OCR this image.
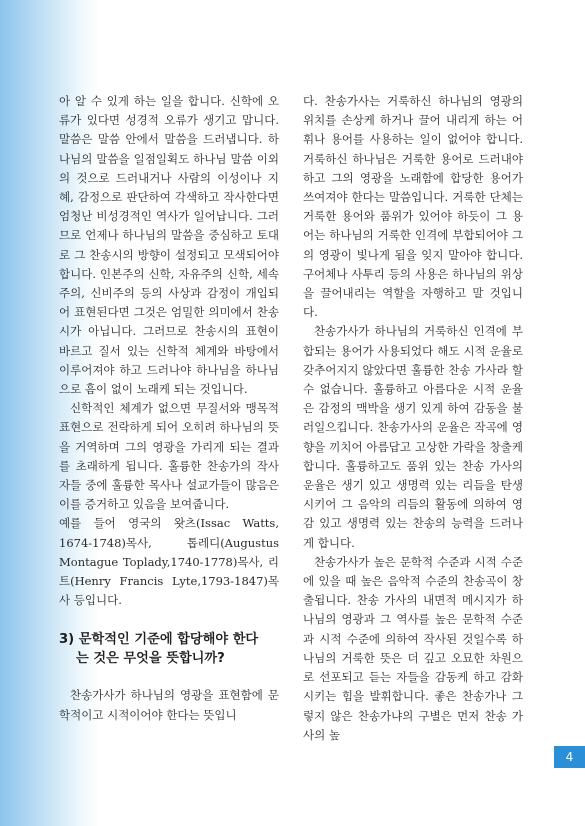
아 알 수 있게 하는 일을 합니다. 신학에 오류가 있다면 성경적 오류가 생기고 맙니다. 말씀은 말씀 안에서 말씀을 드러냅니다. 하나님의 말씀을 일점일획도 하나님 말씀 이외의 것으로 드러내거나 사람의 이성이나 지혜, 감정으로 판단하여 각색하고 작사한다면 엄청난 비성경적인 역사가 일어납니다. 그러므로 언제나 하나님의 말씀을 중심하고 토대로 그 찬송시의 방향이 설정되고 모색되어야 합니다. 인본주의 신학, 자유주의 신학, 세속주의, 신비주의 등의 사상과 감정이 개입되어 표현된다면 그것은 엄밀한 의미에서 찬송시가 아닙니다. 그러므로 찬송시의 표현이 바르고 질서 있는 신학적 체계와 바탕에서 이루어져야 하고 드러나야 하나님을 하나님으로 흠이 없이 노래케 되는 것입니다.

신학적인 체계가 없으면 무질서와 맹목적 표현으로 전락하게 되어 오히려 하나님의 뜻을 거역하며 그의 영광을 가리게 되는 결과를 초래하게 됩니다. 훌륭한 찬송가의 작사자들 중에 훌륭한 목사나 설교가들이 많음은 이를 증거하고 있음을 보여줍니다.

예를 들어 영국의 왓츠(Issac Watts, 1674-1748)목사, 톱레디(Augustus Montague Toplady,1740-1778)목사, 리트(Henry Francis Lyte,1793-1847)목사 등입니다.

3) 문학적인 기준에 합당해야 한다
는 것은 무엇을 뜻합니까?

찬송가사가 하나님의 영광을 표현함에 문학적이고 시적이어야 한다는 뜻입니

다. 찬송가사는 거룩하신 하나님의 영광의 위치를 손상케 하거나 끌어 내리게 하는 어휘나 용어를 사용하는 일이 없어야 합니다. 거룩하신 하나님은 거룩한 용어로 드러내야 하고 그의 영광을 노래함에 합당한 용어가 쓰여져야 한다는 말씀입니다. 거룩한 단체는 거룩한 용어와 품위가 있어야 하듯이 그 용어는 하나님의 거룩한 인격에 부합되어야 그의 영광이 빛나게 됨을 잊지 말아야 합니다. 구어체나 사투리 등의 사용은 하나님의 위상을 끌어내리는 역할을 자행하고 말 것입니다.

찬송가사가 하나님의 거룩하신 인격에 부합되는 용어가 사용되었다 해도 시적 운율로 갖추어지지 않았다면 훌륭한 찬송 가사라 할 수 없습니다. 훌륭하고 아름다운 시적 운율은 감정의 맥박을 생기 있게 하여 감동을 불러일으킵니다. 찬송가사의 운율은 작곡에 영향을 끼치어 아름답고 고상한 가락을 창출케 합니다. 훌륭하고도 품위 있는 찬송 가사의 운율은 생기 있고 생명력 있는 리듬을 탄생시키어 그 음악의 리듬의 활동에 의하여 영감 있고 생명력 있는 찬송의 능력을 드러나게 합니다.

찬송가사가 높은 문학적 수준과 시적 수준에 있을 때 높은 음악적 수준의 찬송곡이 창출됩니다. 찬송 가사의 내면적 메시지가 하나님의 영광과 그 역사를 높은 문학적 수준과 시적 수준에 의하여 작사된 것일수록 하나님의 거룩한 뜻은 더 깊고 오묘한 차원으로 선포되고 듣는 자들을 감동케 하고 감화시키는 힘을 발휘합니다. 좋은 찬송가나 그렇지 않은 찬송가냐의 구별은 먼저 찬송 가사의 높

4
